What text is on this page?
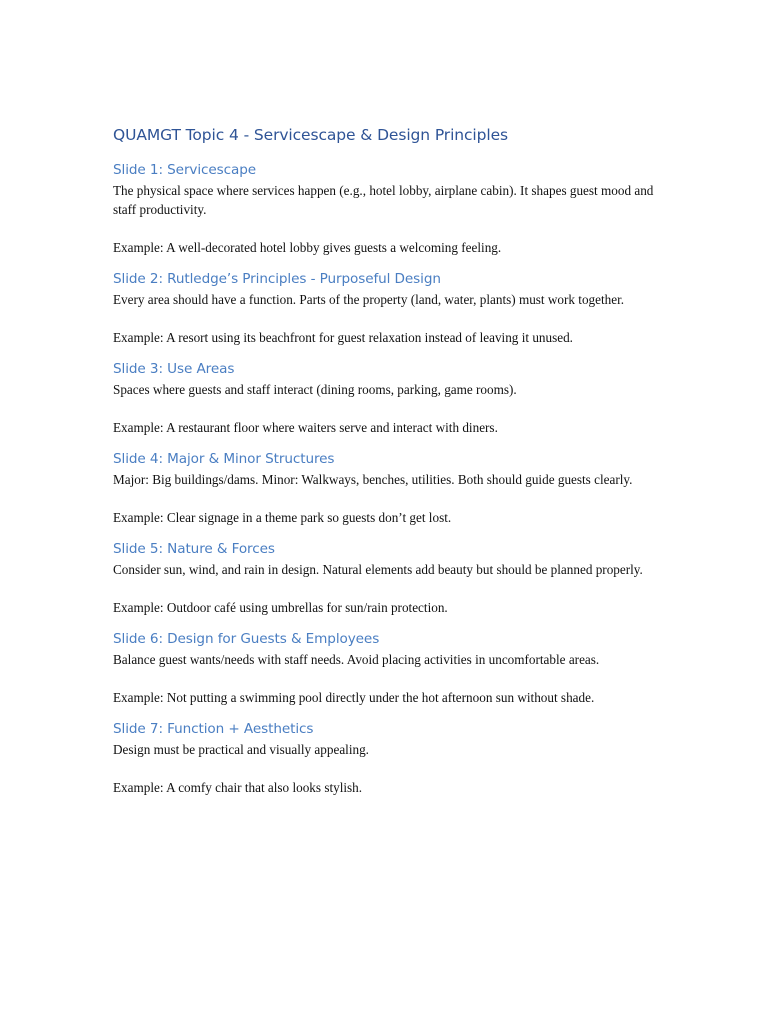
QUAMGT Topic 4 - Servicescape & Design Principles
Slide 1: Servicescape

The physical space where services happen (e.g., hotel lobby, airplane cabin). It shapes guest mood and staff productivity.

Example: A well-decorated hotel lobby gives guests a welcoming feeling.

Slide 2: Rutledge’s Principles - Purposeful Design

Every area should have a function. Parts of the property (land, water, plants) must work together.

Example: A resort using its beachfront for guest relaxation instead of leaving it unused.

Slide 3: Use Areas

Spaces where guests and staff interact (dining rooms, parking, game rooms).

Example: A restaurant floor where waiters serve and interact with diners.

Slide 4: Major & Minor Structures

Major: Big buildings/dams. Minor: Walkways, benches, utilities. Both should guide guests clearly.

Example: Clear signage in a theme park so guests don’t get lost.

Slide 5: Nature & Forces

Consider sun, wind, and rain in design. Natural elements add beauty but should be planned properly.

Example: Outdoor café using umbrellas for sun/rain protection.

Slide 6: Design for Guests & Employees

Balance guest wants/needs with staff needs. Avoid placing activities in uncomfortable areas.

Example: Not putting a swimming pool directly under the hot afternoon sun without shade.

Slide 7: Function + Aesthetics

Design must be practical and visually appealing.

Example: A comfy chair that also looks stylish.
